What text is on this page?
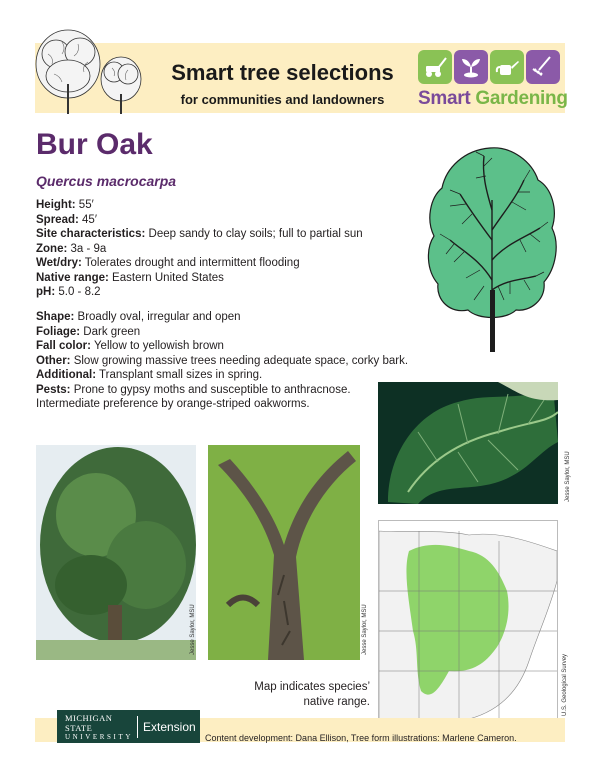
Smart tree selections
for communities and landowners	Smart Gardening
Bur Oak
Quercus macrocarpa
Height: 55′
Spread: 45′
Site characteristics: Deep sandy to clay soils; full to partial sun
Zone: 3a - 9a
Wet/dry: Tolerates drought and intermittent flooding
Native range: Eastern United States
pH: 5.0 - 8.2
Shape: Broadly oval, irregular and open
Foliage: Dark green
Fall color: Yellow to yellowish brown
Other: Slow growing massive trees needing adequate space, corky bark.
Additional: Transplant small sizes in spring.
Pests: Prone to gypsy moths and susceptible to anthracnose. Intermediate preference by orange-striped oakworms.
Jesse Saylor, MSU
Jesse Saylor, MSU	Jesse Saylor, MSU
U.S. Geological Survey
Map indicates species’
native range.
MICHIGAN STATE
UNIVERSITY
Extension
Content development: Dana Ellison, Tree form illustrations: Marlene Cameron.
